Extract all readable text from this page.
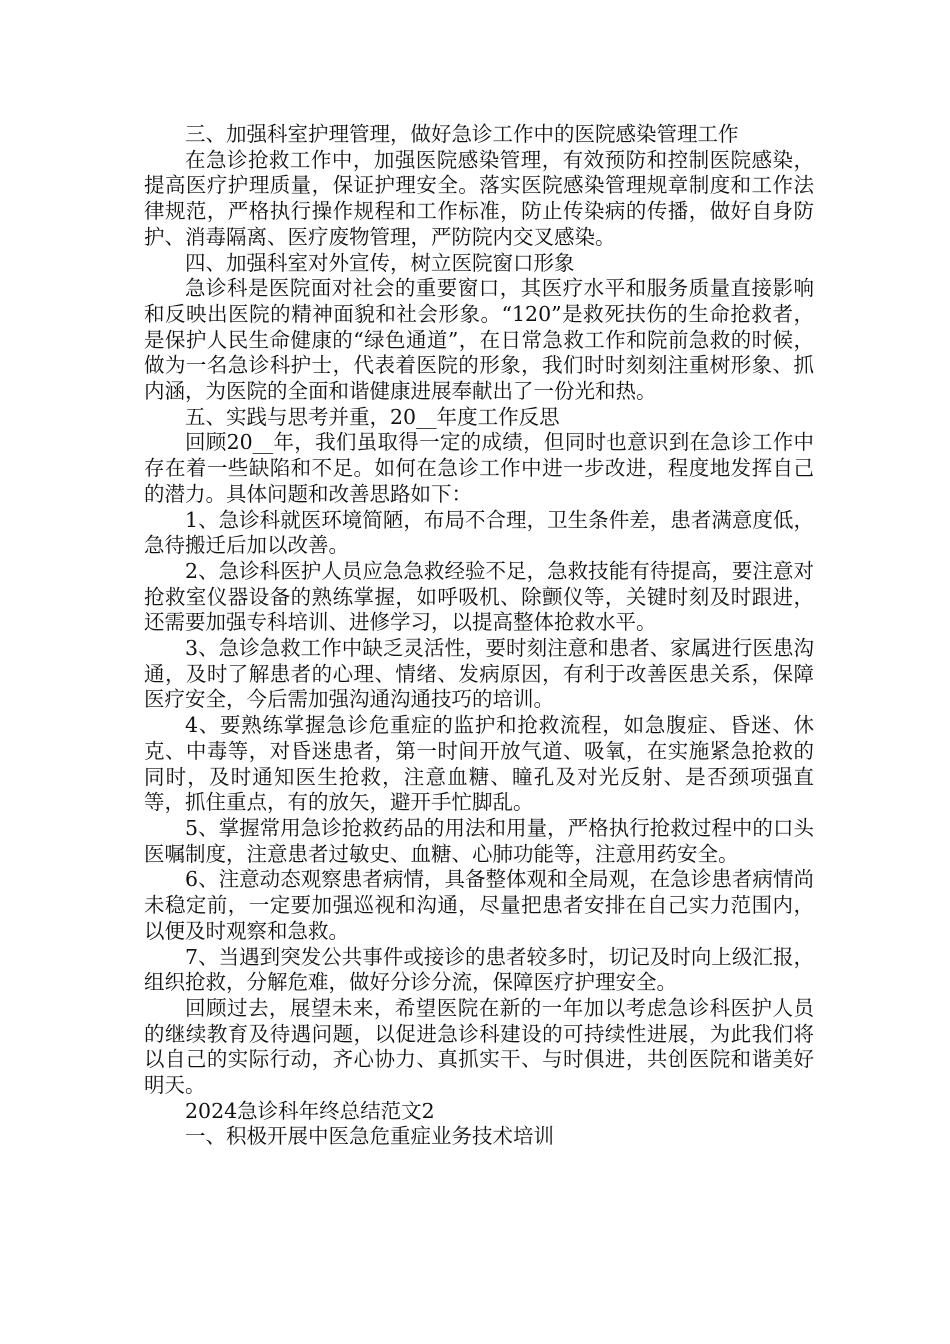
三、加强科室护理管理，做好急诊工作中的医院感染管理工作

在急诊抢救工作中，加强医院感染管理，有效预防和控制医院感染，提高医疗护理质量，保证护理安全。落实医院感染管理规章制度和工作法律规范，严格执行操作规程和工作标准，防止传染病的传播，做好自身防护、消毒隔离、医疗废物管理，严防院内交叉感染。

四、加强科室对外宣传，树立医院窗口形象

急诊科是医院面对社会的重要窗口，其医疗水平和服务质量直接影响和反映出医院的精神面貌和社会形象。“120”是救死扶伤的生命抢救者，是保护人民生命健康的“绿色通道”，在日常急救工作和院前急救的时候，做为一名急诊科护士，代表着医院的形象，我们时时刻刻注重树形象、抓内涵，为医院的全面和谐健康进展奉献出了一份光和热。

五、实践与思考并重，20__年度工作反思

回顾20__年，我们虽取得一定的成绩，但同时也意识到在急诊工作中存在着一些缺陷和不足。如何在急诊工作中进一步改进，程度地发挥自己的潜力。具体问题和改善思路如下：

1、急诊科就医环境简陋，布局不合理，卫生条件差，患者满意度低，急待搬迁后加以改善。

2、急诊科医护人员应急急救经验不足，急救技能有待提高，要注意对抢救室仪器设备的熟练掌握，如呼吸机、除颤仪等，关键时刻及时跟进，还需要加强专科培训、进修学习，以提高整体抢救水平。

3、急诊急救工作中缺乏灵活性，要时刻注意和患者、家属进行医患沟通，及时了解患者的心理、情绪、发病原因，有利于改善医患关系，保障医疗安全，今后需加强沟通沟通技巧的培训。

4、要熟练掌握急诊危重症的监护和抢救流程，如急腹症、昏迷、休克、中毒等，对昏迷患者，第一时间开放气道、吸氧，在实施紧急抢救的同时，及时通知医生抢救，注意血糖、瞳孔及对光反射、是否颈项强直等，抓住重点，有的放矢，避开手忙脚乱。

5、掌握常用急诊抢救药品的用法和用量，严格执行抢救过程中的口头医嘱制度，注意患者过敏史、血糖、心肺功能等，注意用药安全。

6、注意动态观察患者病情，具备整体观和全局观，在急诊患者病情尚未稳定前，一定要加强巡视和沟通，尽量把患者安排在自己实力范围内，以便及时观察和急救。

7、当遇到突发公共事件或接诊的患者较多时，切记及时向上级汇报，组织抢救，分解危难，做好分诊分流，保障医疗护理安全。

回顾过去，展望未来，希望医院在新的一年加以考虑急诊科医护人员的继续教育及待遇问题，以促进急诊科建设的可持续性进展，为此我们将以自己的实际行动，齐心协力、真抓实干、与时俱进，共创医院和谐美好明天。

2024急诊科年终总结范文2

一、积极开展中医急危重症业务技术培训
